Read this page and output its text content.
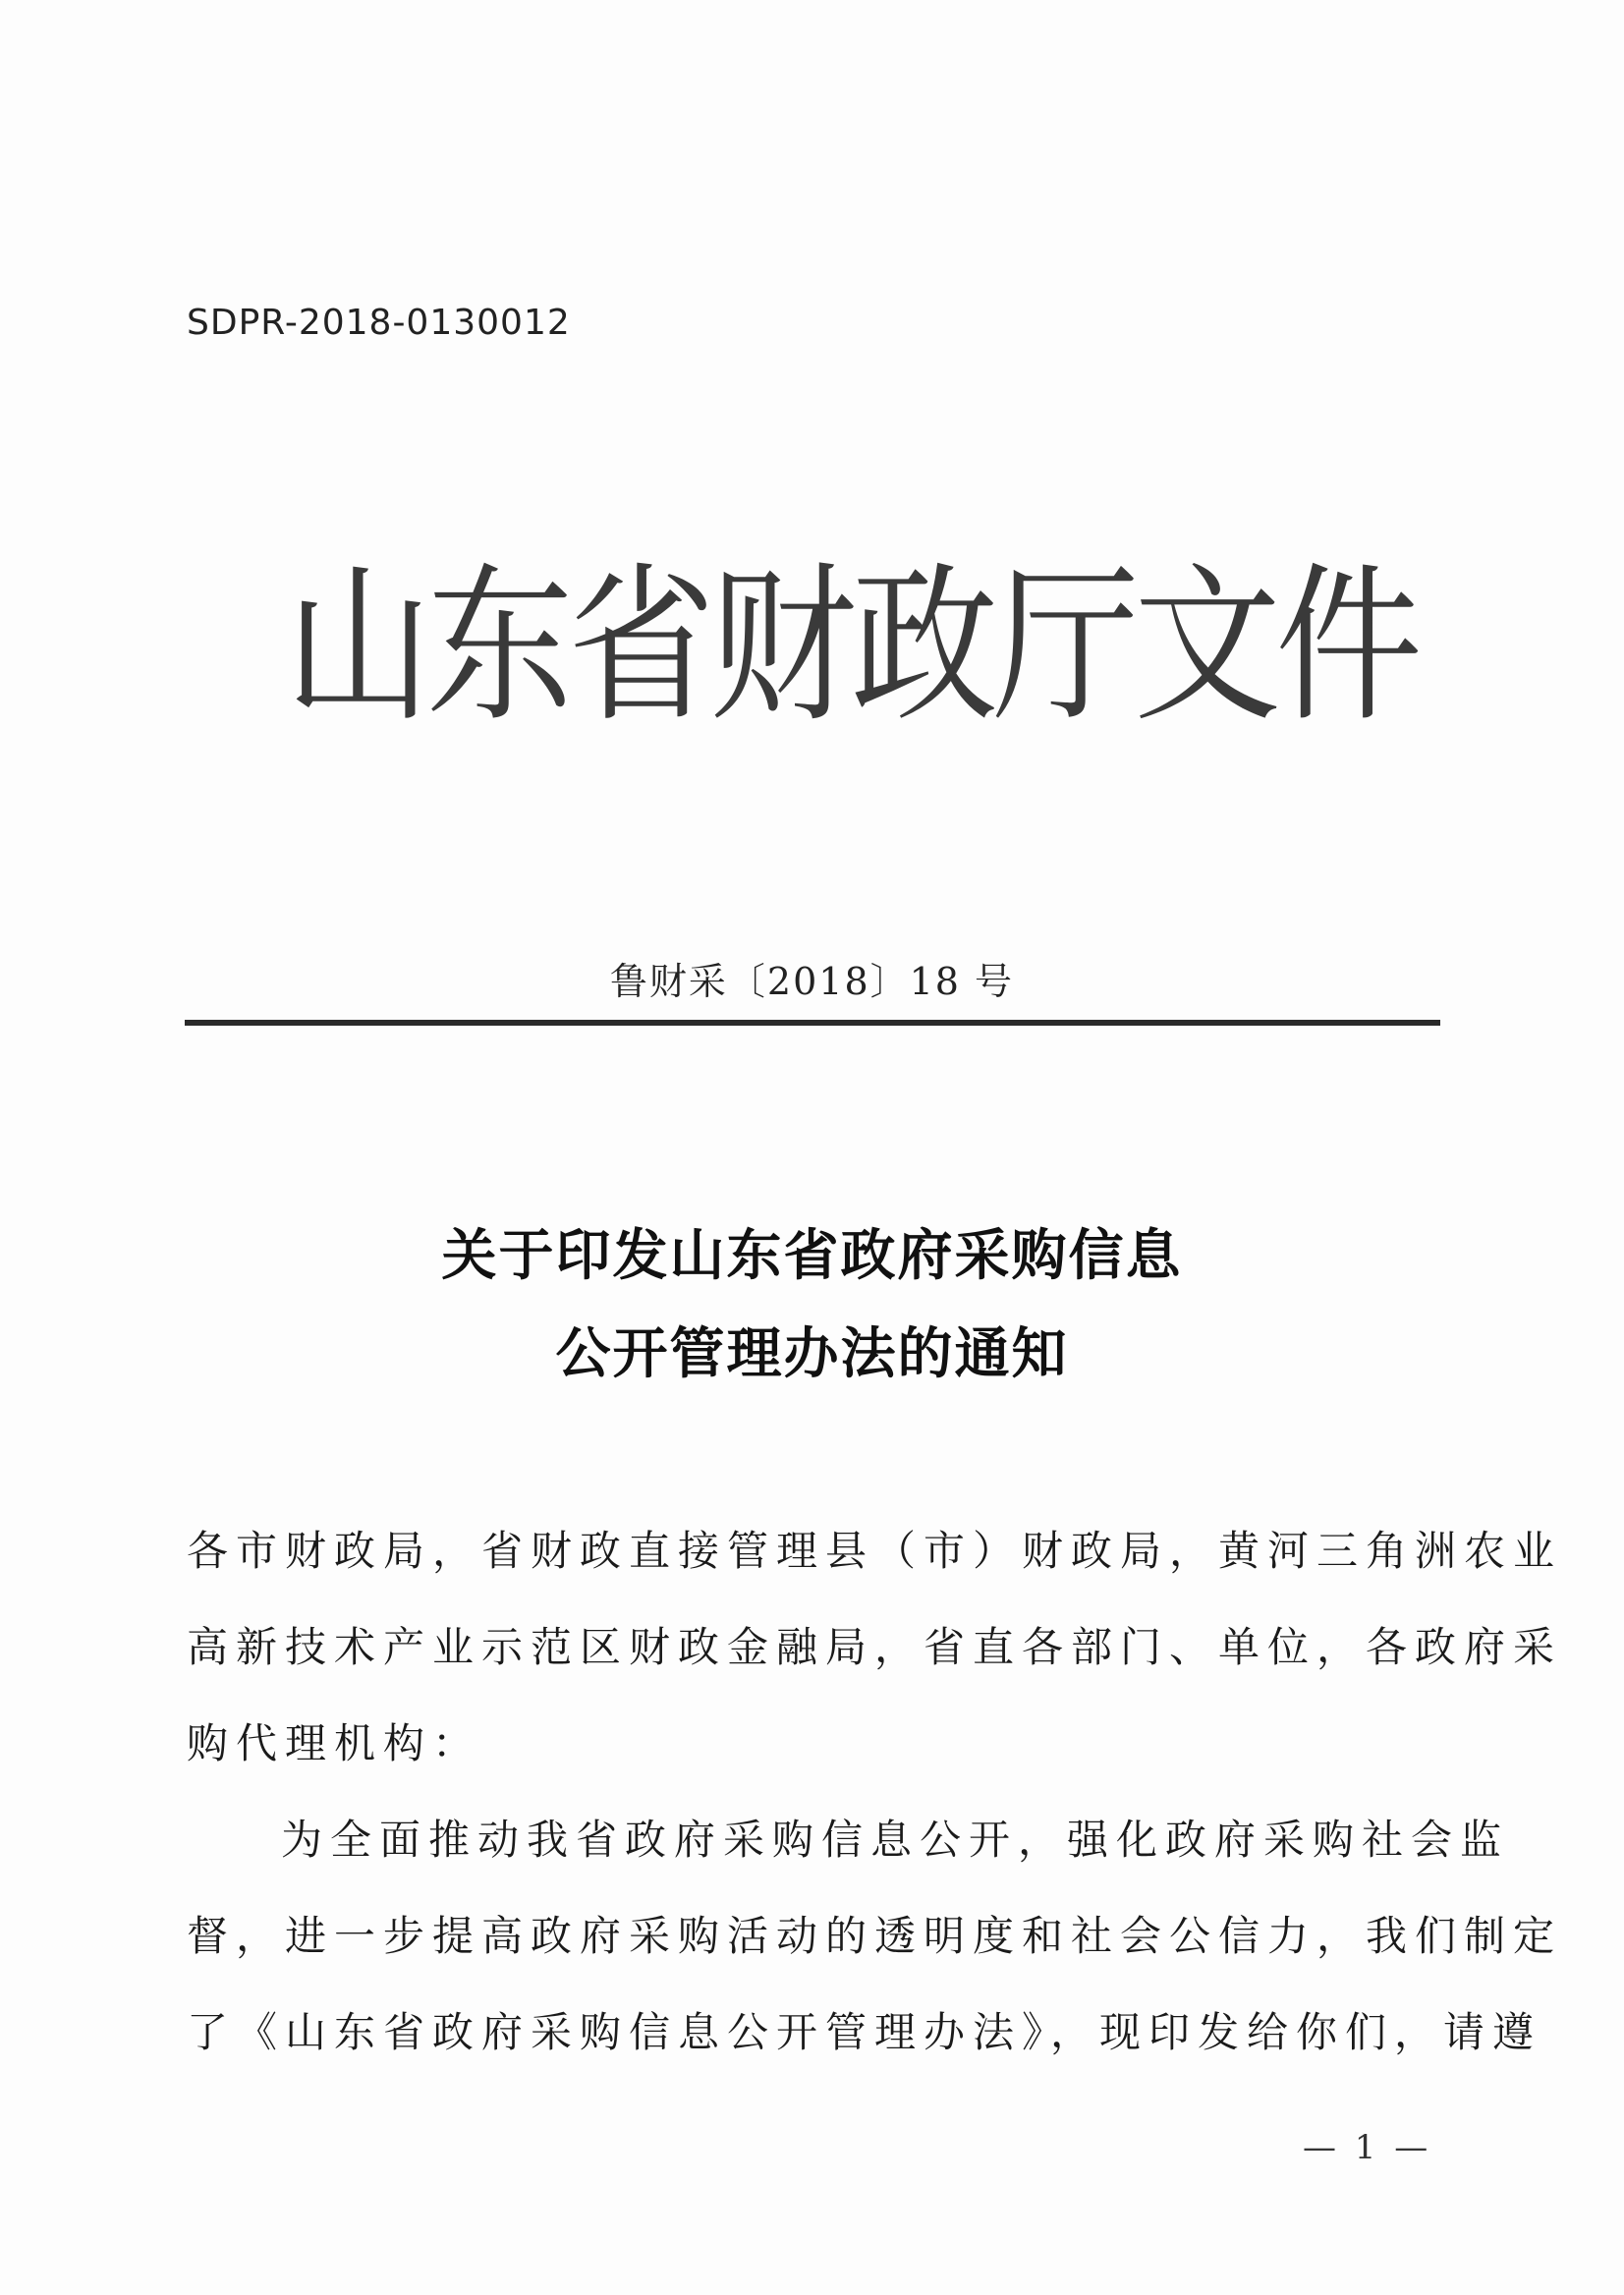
SDPR-2018-0130012
山东省财政厅文件
鲁财采〔2018〕18 号
关于印发山东省政府采购信息
公开管理办法的通知
各市财政局，省财政直接管理县（市）财政局，黄河三角洲农业
高新技术产业示范区财政金融局，省直各部门、单位，各政府采
购代理机构：
为全面推动我省政府采购信息公开，强化政府采购社会监
督，进一步提高政府采购活动的透明度和社会公信力，我们制定
了《山东省政府采购信息公开管理办法》，现印发给你们，请遵
— 1 —
